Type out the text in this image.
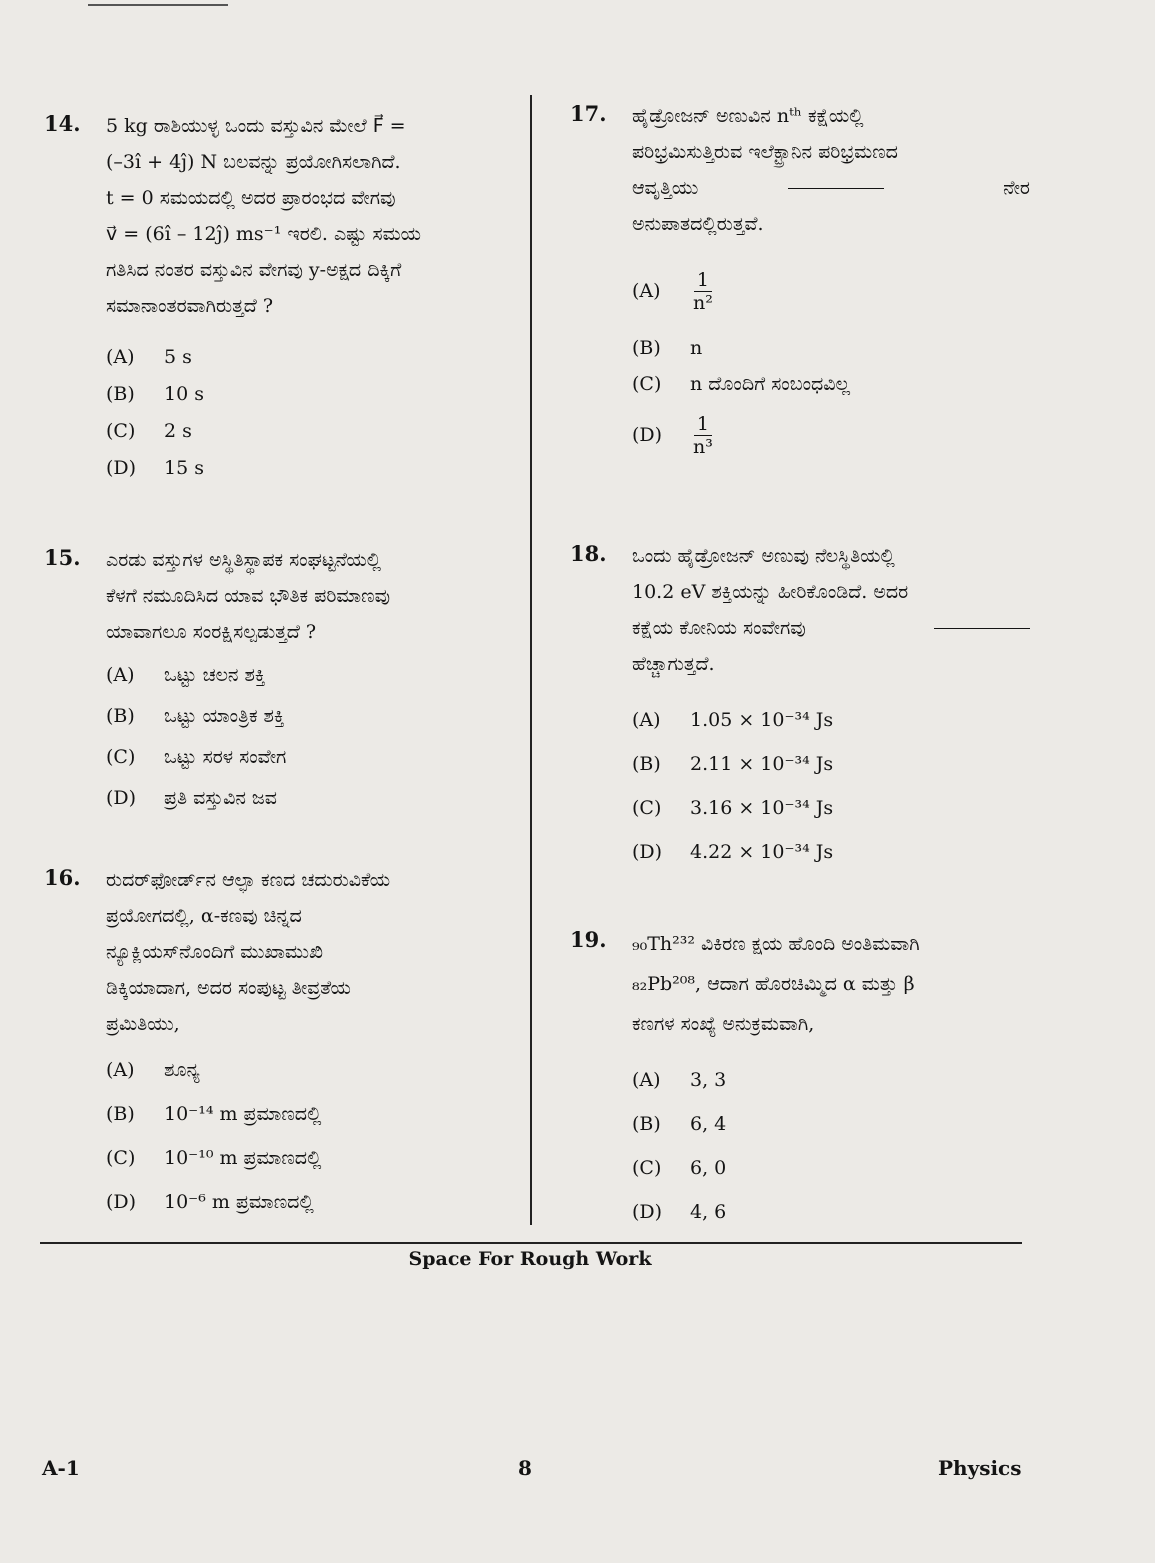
14. 5 kg ರಾಶಿಯುಳ್ಳ ಒಂದು ವಸ್ತುವಿನ ಮೇಲೆ F⃗ =
(–3î + 4ĵ) N ಬಲವನ್ನು ಪ್ರಯೋಗಿಸಲಾಗಿದೆ.
t = 0 ಸಮಯದಲ್ಲಿ ಅದರ ಪ್ರಾರಂಭದ ವೇಗವು
v⃗ = (6î – 12ĵ) ms⁻¹ ಇರಲಿ. ಎಷ್ಟು ಸಮಯ
ಗತಿಸಿದ ನಂತರ ವಸ್ತುವಿನ ವೇಗವು y-ಅಕ್ಷದ ದಿಕ್ಕಿಗೆ
ಸಮಾನಾಂತರವಾಗಿರುತ್ತದೆ ?
(A)	5 s
(B)	10 s
(C)	2 s
(D)	15 s
15. ಎರಡು ವಸ್ತುಗಳ ಅಸ್ಥಿತಿಸ್ಥಾಪಕ ಸಂಘಟ್ಟನೆಯಲ್ಲಿ
ಕೆಳಗೆ ನಮೂದಿಸಿದ ಯಾವ ಭೌತಿಕ ಪರಿಮಾಣವು
ಯಾವಾಗಲೂ ಸಂರಕ್ಷಿಸಲ್ಪಡುತ್ತದೆ ?
(A)	ಒಟ್ಟು ಚಲನ ಶಕ್ತಿ
(B)	ಒಟ್ಟು ಯಾಂತ್ರಿಕ ಶಕ್ತಿ
(C)	ಒಟ್ಟು ಸರಳ ಸಂವೇಗ
(D)	ಪ್ರತಿ ವಸ್ತುವಿನ ಜವ
16. ರುದರ್‌ಫೋರ್ಡ್‌ನ ಆಲ್ಫಾ ಕಣದ ಚದುರುವಿಕೆಯ
ಪ್ರಯೋಗದಲ್ಲಿ, α-ಕಣವು ಚಿನ್ನದ
ನ್ಯೂಕ್ಲಿಯಸ್‌ನೊಂದಿಗೆ ಮುಖಾಮುಖಿ
ಡಿಕ್ಕಿಯಾದಾಗ, ಅದರ ಸಂಪುಟ್ಟ ತೀವ್ರತೆಯ
ಪ್ರಮಿತಿಯು,
(A)	ಶೂನ್ಯ
(B)	10⁻¹⁴ m ಪ್ರಮಾಣದಲ್ಲಿ
(C)	10⁻¹⁰ m ಪ್ರಮಾಣದಲ್ಲಿ
(D)	10⁻⁶ m ಪ್ರಮಾಣದಲ್ಲಿ
17. ಹೈಡ್ರೋಜನ್ ಅಣುವಿನ nᵗʰ ಕಕ್ಷೆಯಲ್ಲಿ
ಪರಿಭ್ರಮಿಸುತ್ತಿರುವ ಇಲೆಕ್ಟ್ರಾನಿನ ಪರಿಭ್ರಮಣದ
ಆವೃತ್ತಿಯು	ನೇರ
ಅನುಪಾತದಲ್ಲಿರುತ್ತವೆ.
(A)	$\frac{1}{\text{n²}}$
(B)	n
(C)	n ದೊಂದಿಗೆ ಸಂಬಂಧವಿಲ್ಲ
(D)	$\frac{1}{\text{n³}}$
18. ಒಂದು ಹೈಡ್ರೋಜನ್ ಅಣುವು ನೆಲಸ್ಥಿತಿಯಲ್ಲಿ
10.2 eV ಶಕ್ತಿಯನ್ನು ಹೀರಿಕೊಂಡಿದೆ. ಅದರ
ಕಕ್ಷೆಯ ಕೋನಿಯ ಸಂವೇಗವು
ಹೆಚ್ಚಾಗುತ್ತದೆ.
(A)	1.05 × 10⁻³⁴ Js
(B)	2.11 × 10⁻³⁴ Js
(C)	3.16 × 10⁻³⁴ Js
(D)	4.22 × 10⁻³⁴ Js
19. ₉₀Th²³² ವಿಕಿರಣ ಕ್ಷಯ ಹೊಂದಿ ಅಂತಿಮವಾಗಿ
₈₂Pb²⁰⁸, ಆದಾಗ ಹೊರಚಿಮ್ಮಿದ α ಮತ್ತು β
ಕಣಗಳ ಸಂಖ್ಯೆ ಅನುಕ್ರಮವಾಗಿ,
(A)	3, 3
(B)	6, 4
(C)	6, 0
(D)	4, 6
Space For Rough Work
A-1	8	Physics
